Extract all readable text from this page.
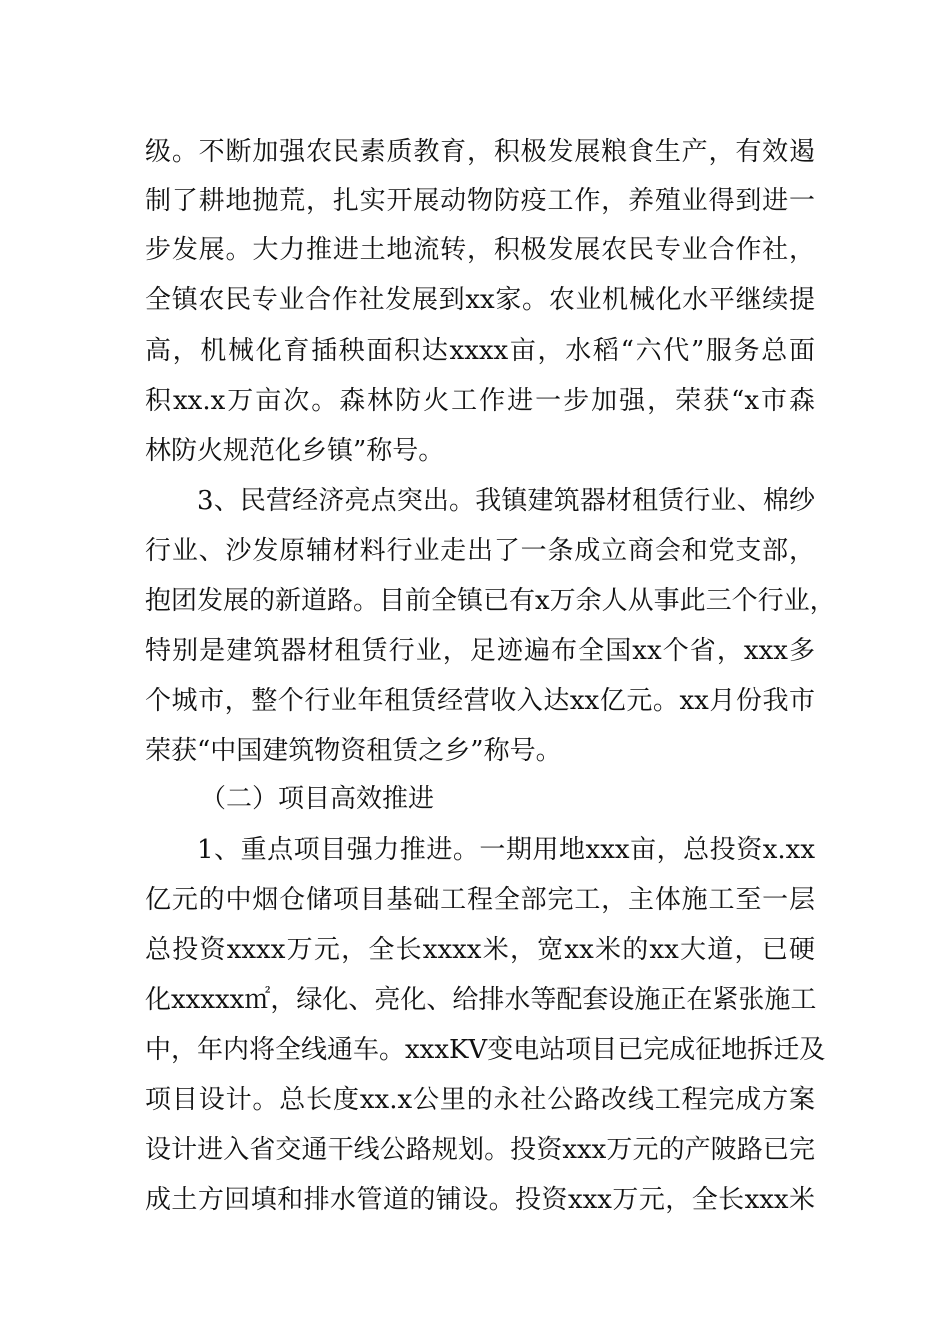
级。不断加强农民素质教育，积极发展粮食生产，有效遏
制了耕地抛荒，扎实开展动物防疫工作，养殖业得到进一
步发展。大力推进土地流转，积极发展农民专业合作社，
全镇农民专业合作社发展到xx家。农业机械化水平继续提
高，机械化育插秧面积达xxxx亩，水稻“六代”服务总面
积xx.x万亩次。森林防火工作进一步加强，荣获“x市森
林防火规范化乡镇”称号。
3、民营经济亮点突出。我镇建筑器材租赁行业、棉纱
行业、沙发原辅材料行业走出了一条成立商会和党支部，
抱团发展的新道路。目前全镇已有x万余人从事此三个行业，
特别是建筑器材租赁行业，足迹遍布全国xx个省，xxx多
个城市，整个行业年租赁经营收入达xx亿元。xx月份我市
荣获“中国建筑物资租赁之乡”称号。
（二）项目高效推进
1、重点项目强力推进。一期用地xxx亩，总投资x.xx
亿元的中烟仓储项目基础工程全部完工，主体施工至一层
总投资xxxx万元，全长xxxx米，宽xx米的xx大道，已硬
化xxxxx㎡，绿化、亮化、给排水等配套设施正在紧张施工
中，年内将全线通车。xxxKV变电站项目已完成征地拆迁及
项目设计。总长度xx.x公里的永社公路改线工程完成方案
设计进入省交通干线公路规划。投资xxx万元的产陂路已完
成土方回填和排水管道的铺设。投资xxx万元，全长xxx米
